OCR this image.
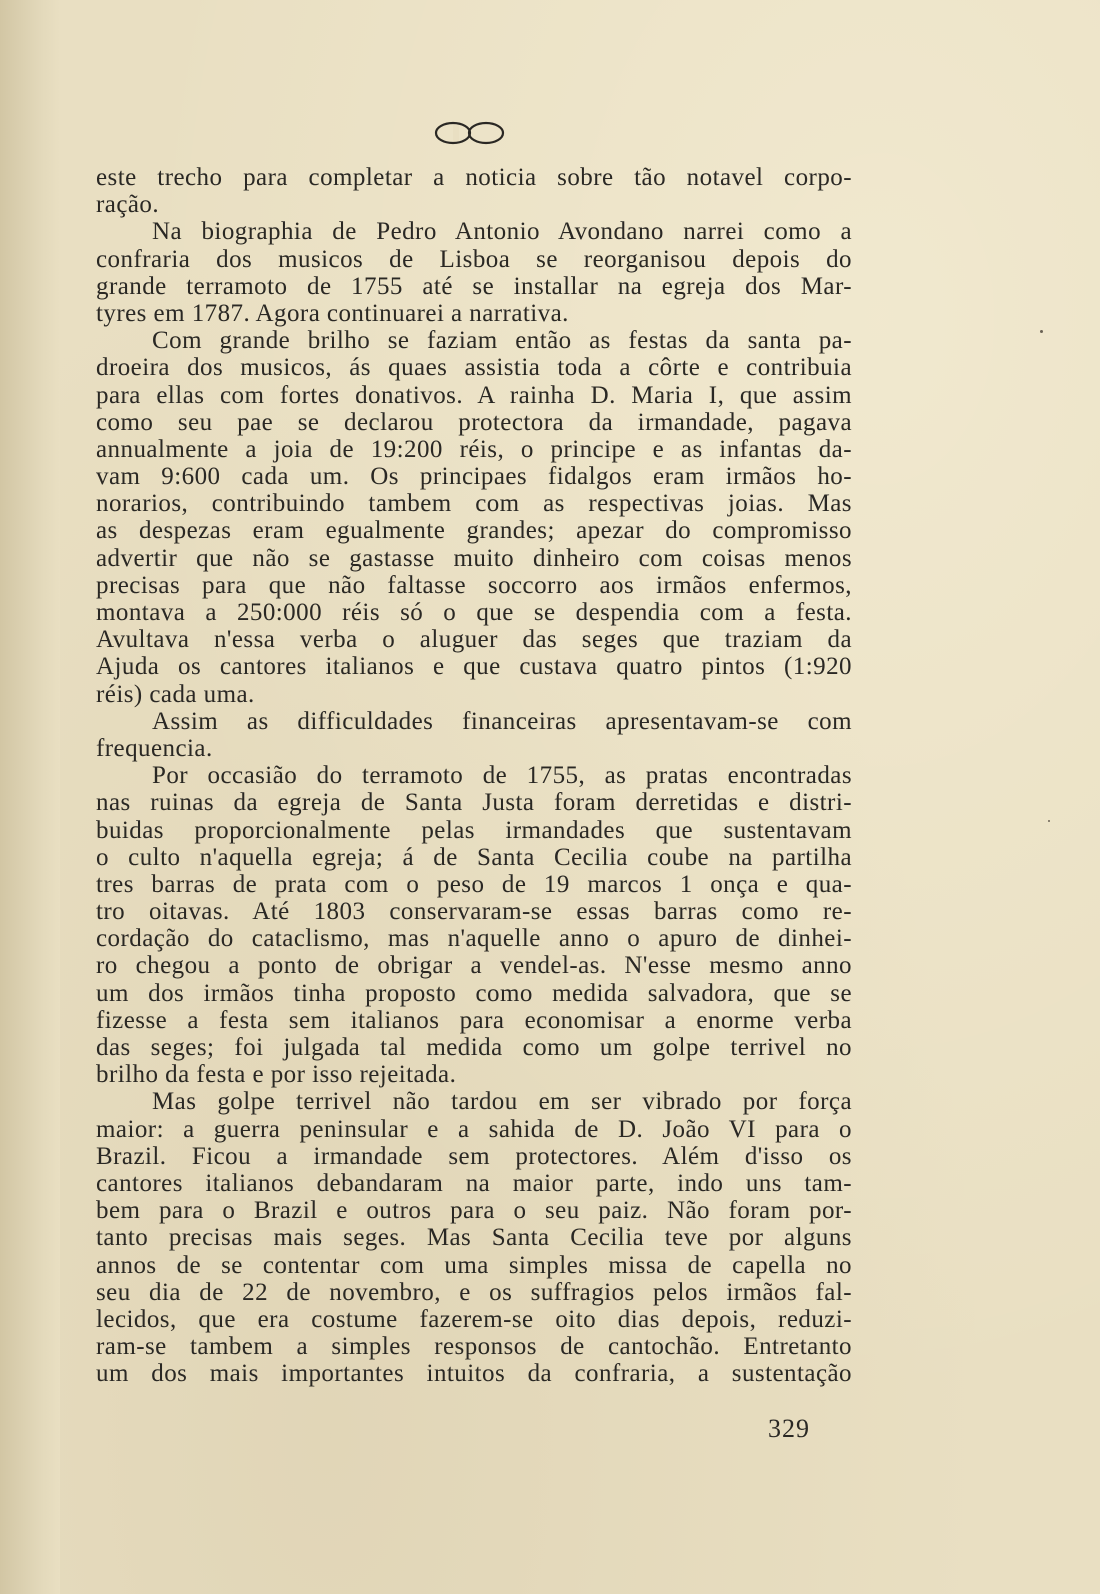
este trecho para completar a noticia sobre tão notavel corpo-
ração.
Na biographia de Pedro Antonio Avondano narrei como a
confraria dos musicos de Lisboa se reorganisou depois do
grande terramoto de 1755 até se installar na egreja dos Mar-
tyres em 1787. Agora continuarei a narrativa.
Com grande brilho se faziam então as festas da santa pa-
droeira dos musicos, ás quaes assistia toda a côrte e contribuia
para ellas com fortes donativos. A rainha D. Maria I, que assim
como seu pae se declarou protectora da irmandade, pagava
annualmente a joia de 19:200 réis, o principe e as infantas da-
vam 9:600 cada um. Os principaes fidalgos eram irmãos ho-
norarios, contribuindo tambem com as respectivas joias. Mas
as despezas eram egualmente grandes; apezar do compromisso
advertir que não se gastasse muito dinheiro com coisas menos
precisas para que não faltasse soccorro aos irmãos enfermos,
montava a 250:000 réis só o que se despendia com a festa.
Avultava n'essa verba o aluguer das seges que traziam da
Ajuda os cantores italianos e que custava quatro pintos (1:920
réis) cada uma.
Assim as difficuldades financeiras apresentavam-se com
frequencia.
Por occasião do terramoto de 1755, as pratas encontradas
nas ruinas da egreja de Santa Justa foram derretidas e distri-
buidas proporcionalmente pelas irmandades que sustentavam
o culto n'aquella egreja; á de Santa Cecilia coube na partilha
tres barras de prata com o peso de 19 marcos 1 onça e qua-
tro oitavas. Até 1803 conservaram-se essas barras como re-
cordação do cataclismo, mas n'aquelle anno o apuro de dinhei-
ro chegou a ponto de obrigar a vendel-as. N'esse mesmo anno
um dos irmãos tinha proposto como medida salvadora, que se
fizesse a festa sem italianos para economisar a enorme verba
das seges; foi julgada tal medida como um golpe terrivel no
brilho da festa e por isso rejeitada.
Mas golpe terrivel não tardou em ser vibrado por força
maior: a guerra peninsular e a sahida de D. João VI para o
Brazil. Ficou a irmandade sem protectores. Além d'isso os
cantores italianos debandaram na maior parte, indo uns tam-
bem para o Brazil e outros para o seu paiz. Não foram por-
tanto precisas mais seges. Mas Santa Cecilia teve por alguns
annos de se contentar com uma simples missa de capella no
seu dia de 22 de novembro, e os suffragios pelos irmãos fal-
lecidos, que era costume fazerem-se oito dias depois, reduzi-
ram-se tambem a simples responsos de cantochão. Entretanto
um dos mais importantes intuitos da confraria, a sustentação
329
